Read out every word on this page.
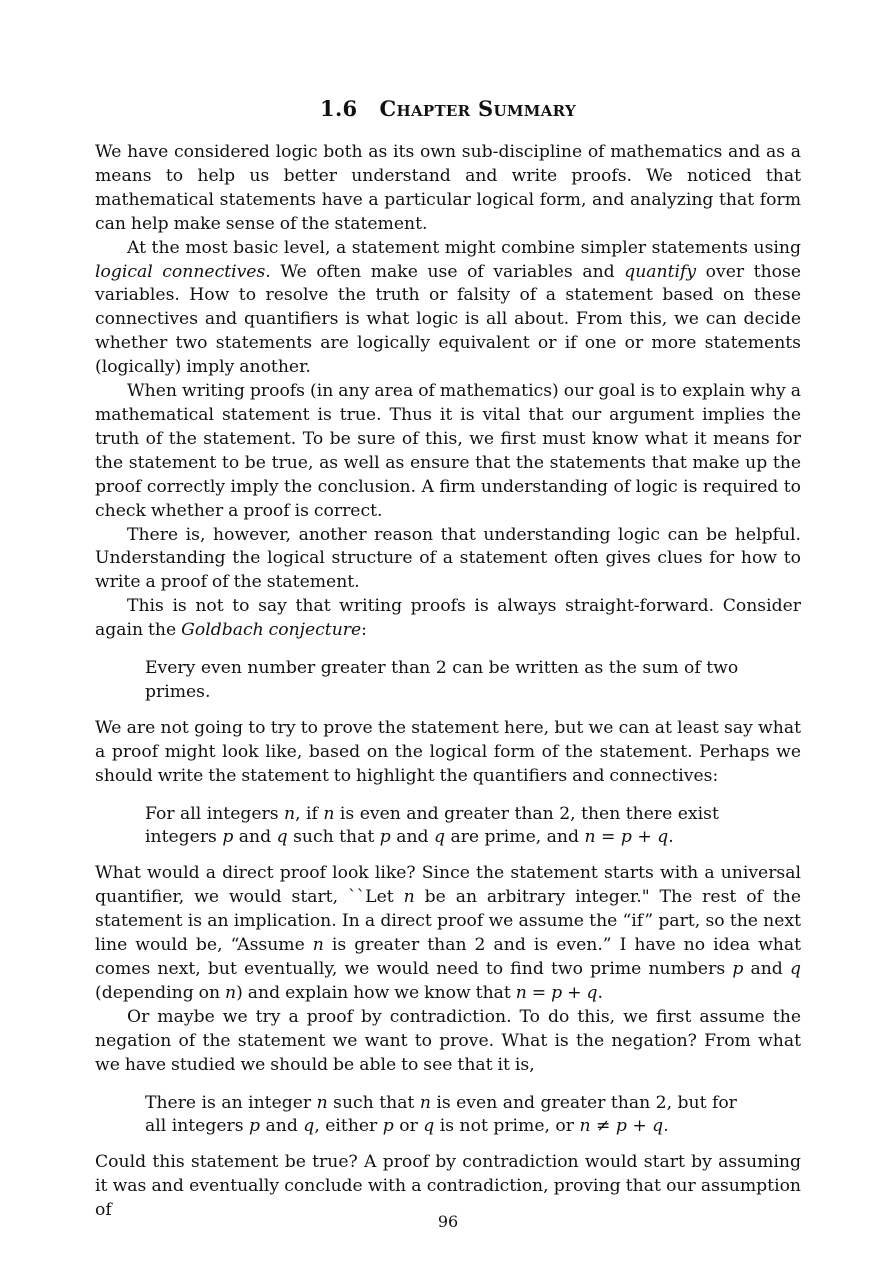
1.6 Chapter Summary

We have considered logic both as its own sub-discipline of mathematics and as a means to help us better understand and write proofs. We noticed that mathematical statements have a particular logical form, and analyzing that form can help make sense of the statement.

At the most basic level, a statement might combine simpler statements using logical connectives. We often make use of variables and quantify over those variables. How to resolve the truth or falsity of a statement based on these connectives and quantifiers is what logic is all about. From this, we can decide whether two statements are logically equivalent or if one or more statements (logically) imply another.

When writing proofs (in any area of mathematics) our goal is to explain why a mathematical statement is true. Thus it is vital that our argument implies the truth of the statement. To be sure of this, we first must know what it means for the statement to be true, as well as ensure that the statements that make up the proof correctly imply the conclusion. A firm understanding of logic is required to check whether a proof is correct.

There is, however, another reason that understanding logic can be helpful. Understanding the logical structure of a statement often gives clues for how to write a proof of the statement.

This is not to say that writing proofs is always straight-forward. Consider again the Goldbach conjecture:

Every even number greater than 2 can be written as the sum of two primes.

We are not going to try to prove the statement here, but we can at least say what a proof might look like, based on the logical form of the statement. Perhaps we should write the statement to highlight the quantifiers and connectives:

For all integers n, if n is even and greater than 2, then there exist integers p and q such that p and q are prime, and n = p + q.

What would a direct proof look like? Since the statement starts with a universal quantifier, we would start, ``Let n be an arbitrary integer." The rest of the statement is an implication. In a direct proof we assume the “if” part, so the next line would be, “Assume n is greater than 2 and is even.” I have no idea what comes next, but eventually, we would need to find two prime numbers p and q (depending on n) and explain how we know that n = p + q.

Or maybe we try a proof by contradiction. To do this, we first assume the negation of the statement we want to prove. What is the negation? From what we have studied we should be able to see that it is,

There is an integer n such that n is even and greater than 2, but for all integers p and q, either p or q is not prime, or n ≠ p + q.

Could this statement be true? A proof by contradiction would start by assuming it was and eventually conclude with a contradiction, proving that our assumption of

96
